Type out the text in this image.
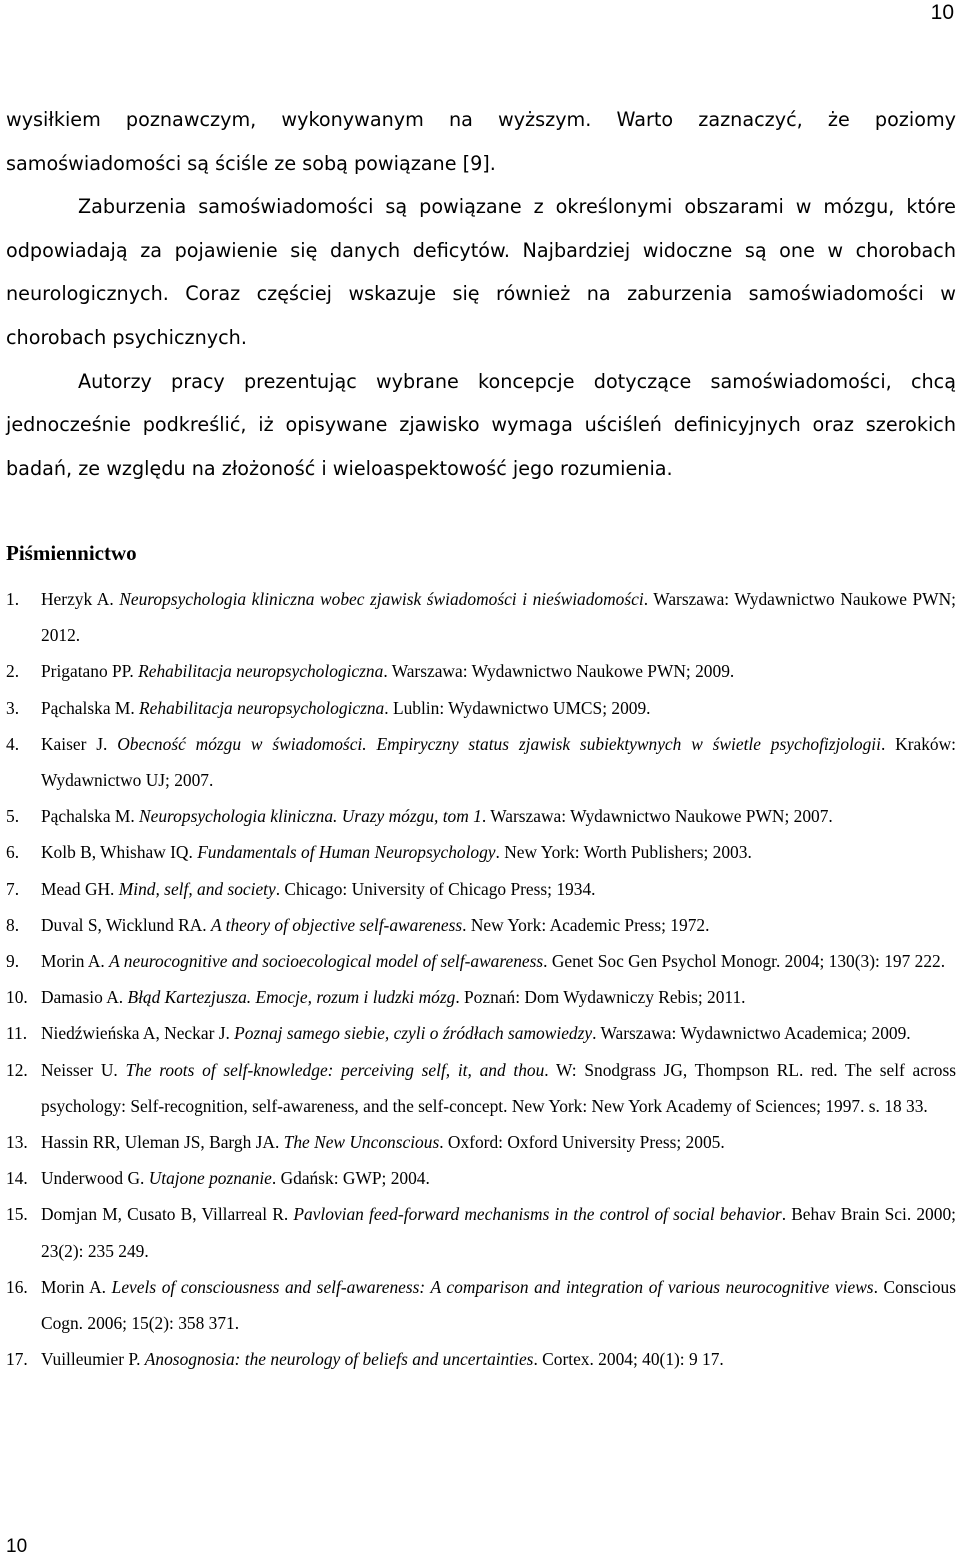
10

wysiłkiem poznawczym, wykonywanym na wyższym. Warto zaznaczyć, że poziomy samoświadomości są ściśle ze sobą powiązane [9].

Zaburzenia samoświadomości są powiązane z określonymi obszarami w mózgu, które odpowiadają za pojawienie się danych deficytów. Najbardziej widoczne są one w chorobach neurologicznych. Coraz częściej wskazuje się również na zaburzenia samoświadomości w chorobach psychicznych.

Autorzy pracy prezentując wybrane koncepcje dotyczące samoświadomości, chcą jednocześnie podkreślić, iż opisywane zjawisko wymaga uściśleń definicyjnych oraz szerokich badań, ze względu na złożoność i wieloaspektowość jego rozumienia.

Piśmiennictwo
1.	Herzyk A. Neuropsychologia kliniczna wobec zjawisk świadomości i nieświadomości. Warszawa: Wydawnictwo Naukowe PWN; 2012.
2.	Prigatano PP. Rehabilitacja neuropsychologiczna. Warszawa: Wydawnictwo Naukowe PWN; 2009.
3.	Pąchalska M. Rehabilitacja neuropsychologiczna. Lublin: Wydawnictwo UMCS; 2009.
4.	Kaiser J. Obecność mózgu w świadomości. Empiryczny status zjawisk subiektywnych w świetle psychofizjologii. Kraków: Wydawnictwo UJ; 2007.
5.	Pąchalska M. Neuropsychologia kliniczna. Urazy mózgu, tom 1. Warszawa: Wydawnictwo Naukowe PWN; 2007.
6.	Kolb B, Whishaw IQ. Fundamentals of Human Neuropsychology. New York: Worth Publishers; 2003.
7.	Mead GH. Mind, self, and society. Chicago: University of Chicago Press; 1934.
8.	Duval S, Wicklund RA. A theory of objective self-awareness. New York: Academic Press; 1972.
9.	Morin A. A neurocognitive and socioecological model of self-awareness. Genet Soc Gen Psychol Monogr. 2004; 130(3): 197 222.
10. Damasio A. Błąd Kartezjusza. Emocje, rozum i ludzki mózg. Poznań: Dom Wydawniczy Rebis; 2011.
11. Niedźwieńska A, Neckar J. Poznaj samego siebie, czyli o źródłach samowiedzy. Warszawa: Wydawnictwo Academica; 2009.
12. Neisser U. The roots of self-knowledge: perceiving self, it, and thou. W: Snodgrass JG, Thompson RL. red. The self across psychology: Self-recognition, self-awareness, and the self-concept. New York: New York Academy of Sciences; 1997. s. 18 33.
13. Hassin RR, Uleman JS, Bargh JA. The New Unconscious. Oxford: Oxford University Press; 2005.
14. Underwood G. Utajone poznanie. Gdańsk: GWP; 2004.
15. Domjan M, Cusato B, Villarreal R. Pavlovian feed-forward mechanisms in the control of social behavior. Behav Brain Sci. 2000; 23(2): 235 249.
16. Morin A. Levels of consciousness and self-awareness: A comparison and integration of various neurocognitive views. Conscious Cogn. 2006; 15(2): 358 371.
17. Vuilleumier P. Anosognosia: the neurology of beliefs and uncertainties. Cortex. 2004; 40(1): 9 17.
10
